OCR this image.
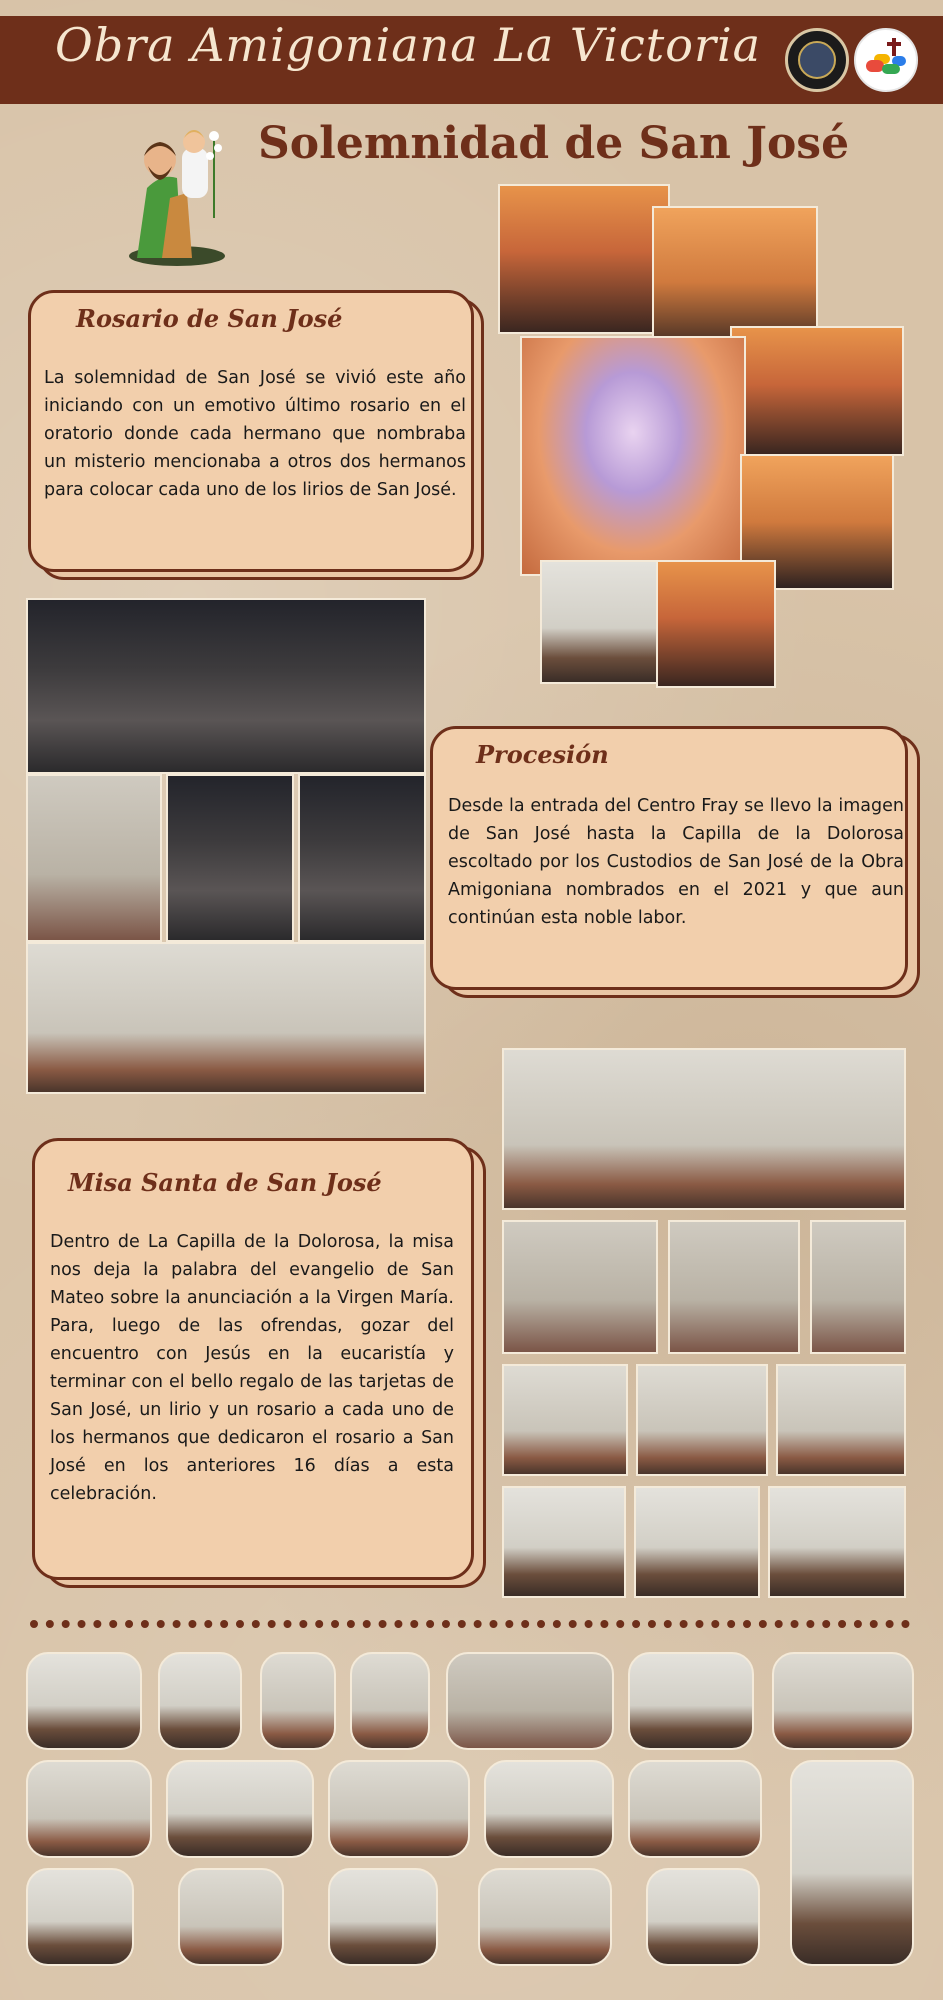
Obra Amigoniana La Victoria
Solemnidad de San José
Rosario de San José
La solemnidad de San José se vivió este año iniciando con un emotivo último rosario en el oratorio donde cada hermano que nombraba un misterio mencionaba a otros dos hermanos para colocar cada uno de los lirios de San José.
Procesión
Desde la entrada del Centro Fray se llevo la imagen de San José hasta la Capilla de la Dolorosa escoltado por los Custodios de San José de la Obra Amigoniana nombrados en el 2021 y que aun continúan esta noble labor.
Misa Santa de San José
Dentro de La Capilla de la Dolorosa, la misa nos deja la palabra del evangelio de San Mateo sobre la anunciación a la Virgen María. Para, luego de las ofrendas, gozar del encuentro con Jesús en la eucaristía y terminar con el bello regalo de las tarjetas de San José, un lirio y un rosario a cada uno de los hermanos que dedicaron el rosario a San José en los anteriores 16 días a esta celebración.
